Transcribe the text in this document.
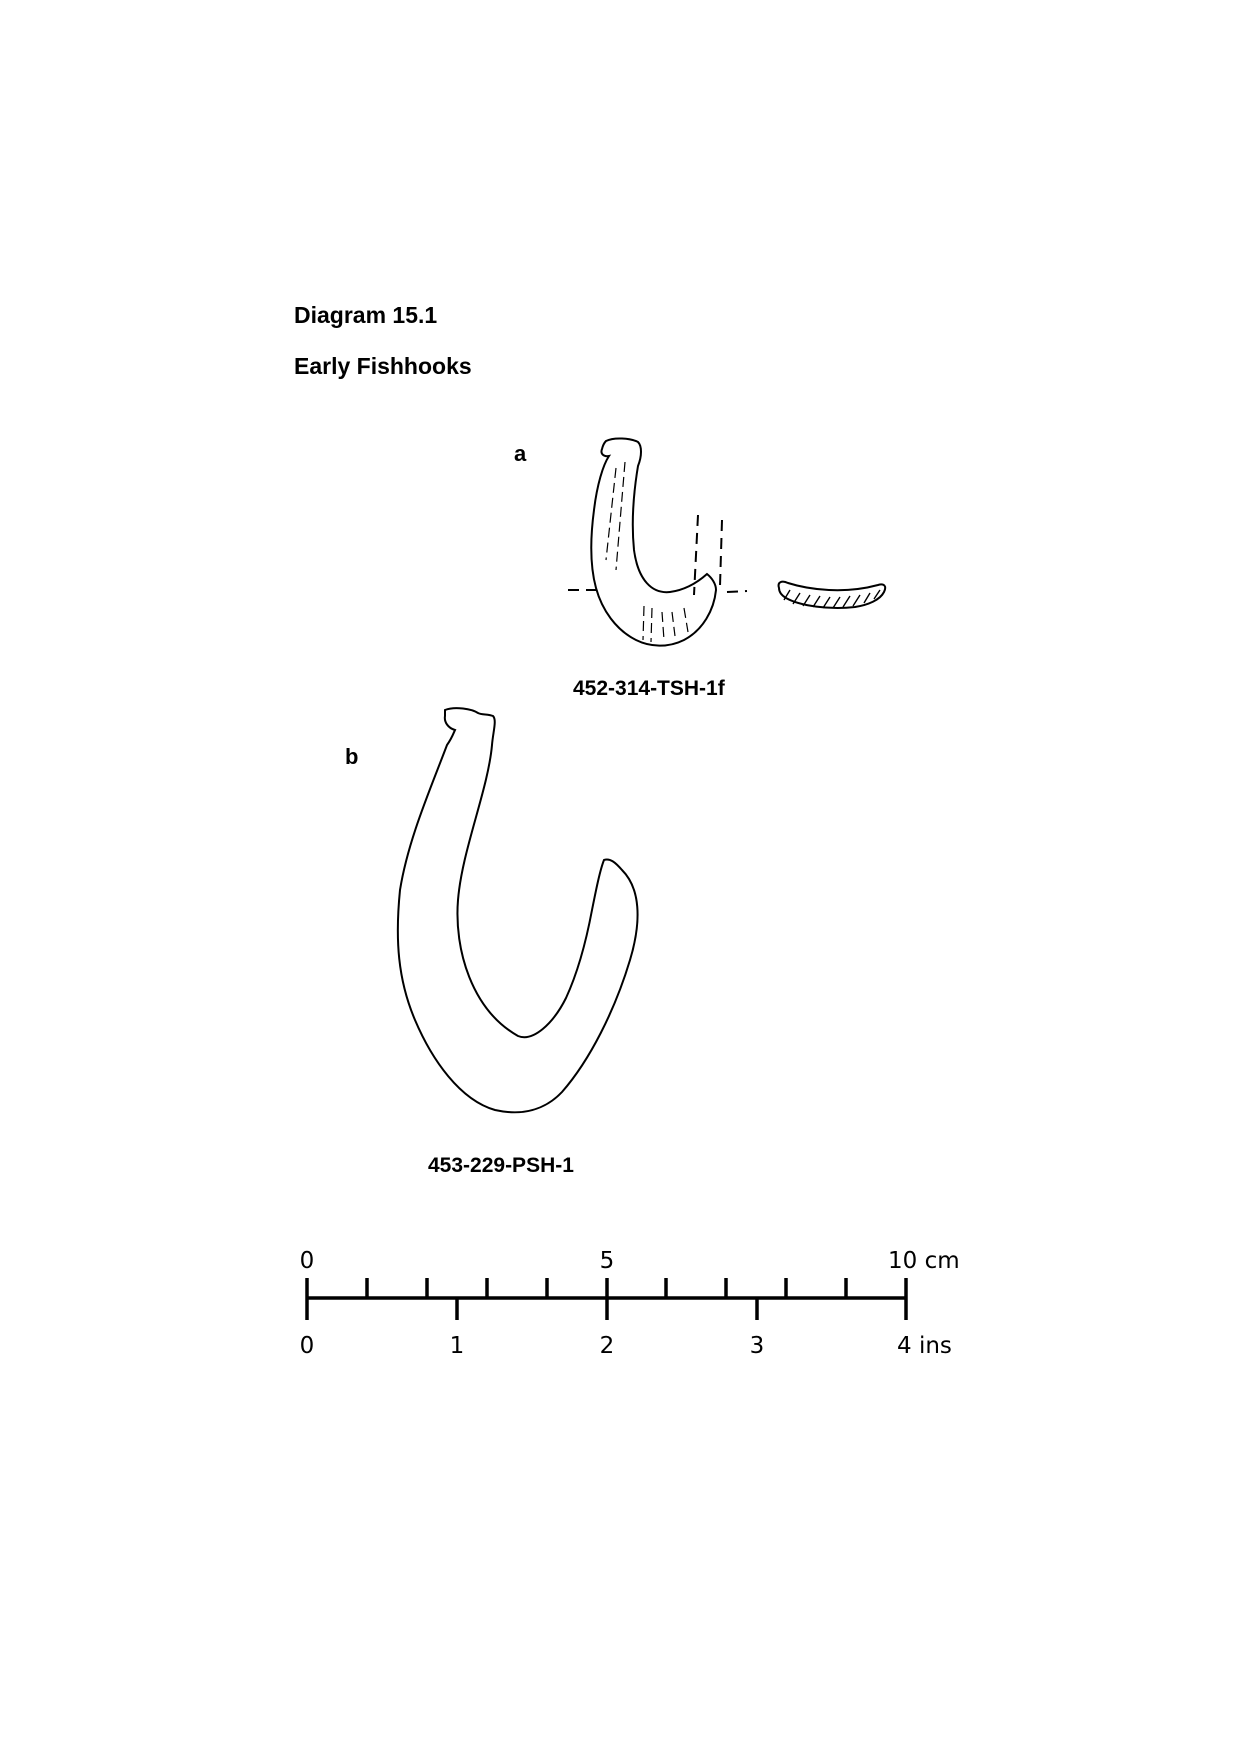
Diagram 15.1
Early Fishhooks
a
452-314-TSH-1f
b
453-229-PSH-1
0	5	10 cm
0	1	2	3	4 ins
